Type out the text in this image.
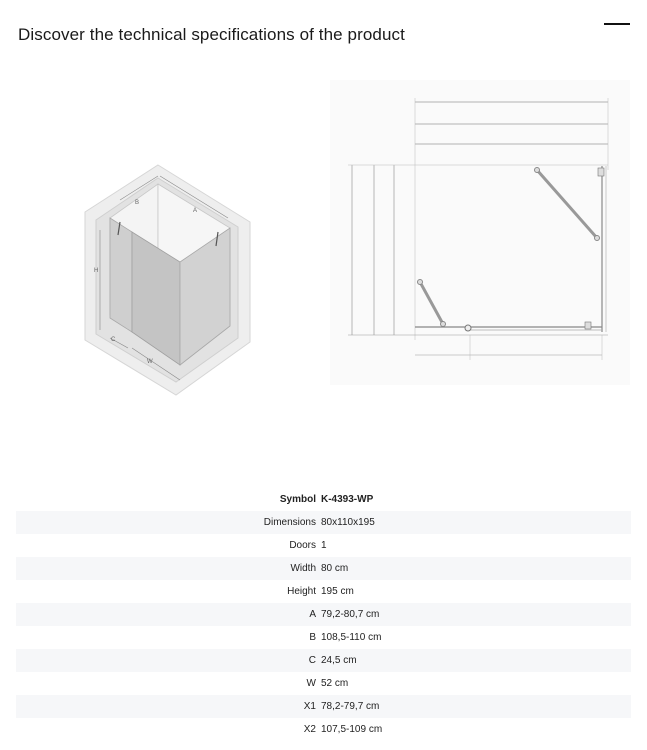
Discover the technical specifications of the product
B
A
H
C
W
Symbol K-4393-WP
Dimensions 80x110x195
Doors 1
Width 80 cm
Height 195 cm
A 79,2-80,7 cm
B 108,5-110 cm
C 24,5 cm
W 52 cm
X1 78,2-79,7 cm
X2 107,5-109 cm
